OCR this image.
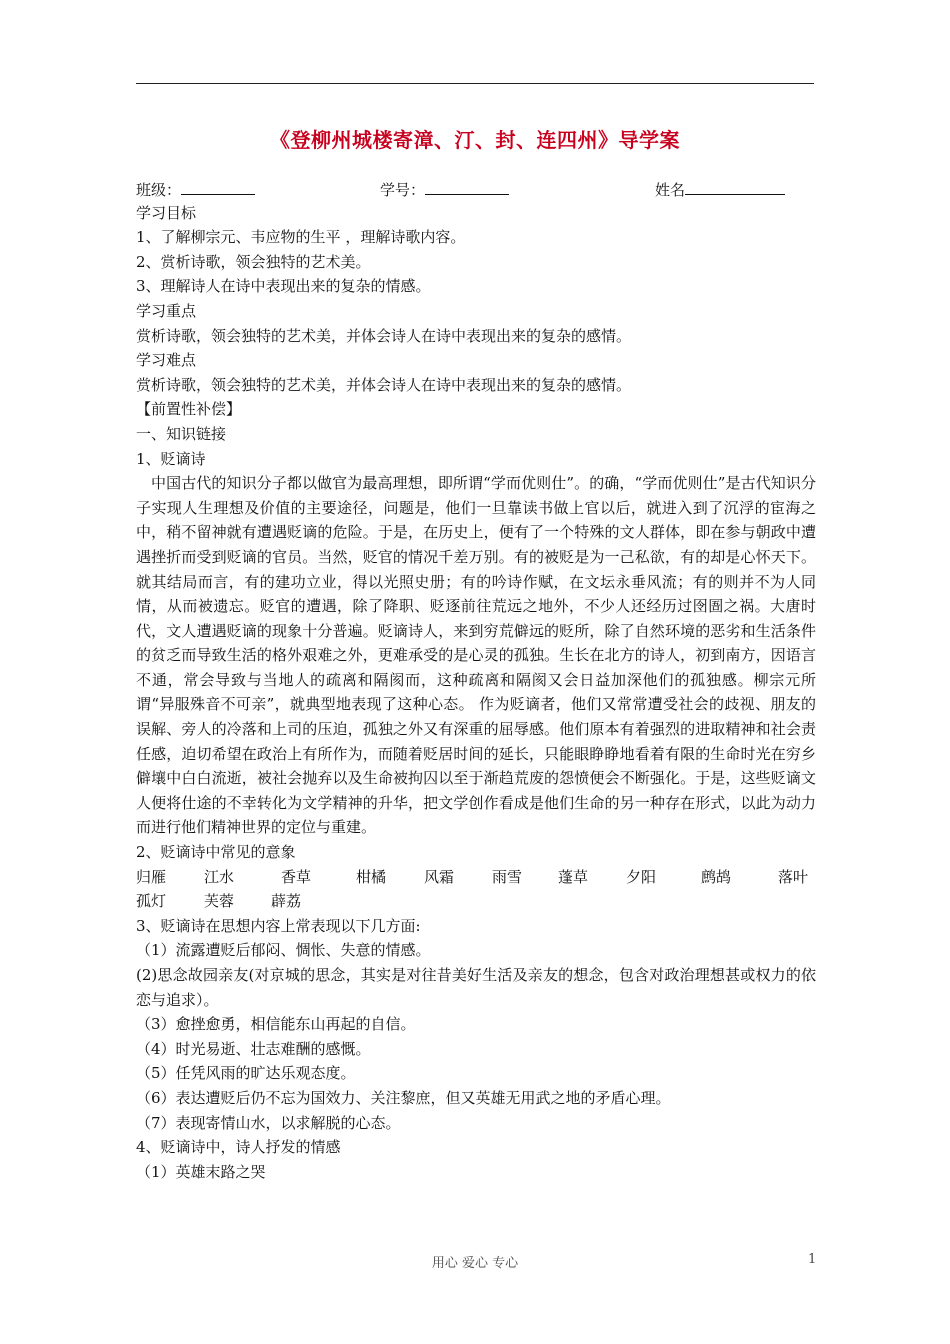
《登柳州城楼寄漳、汀、封、连四州》导学案
班级：	学号：	姓名
学习目标
1、了解柳宗元、韦应物的生平 ，理解诗歌内容。
2、赏析诗歌，领会独特的艺术美。
3、理解诗人在诗中表现出来的复杂的情感。
学习重点
赏析诗歌，领会独特的艺术美，并体会诗人在诗中表现出来的复杂的感情。
学习难点
赏析诗歌，领会独特的艺术美，并体会诗人在诗中表现出来的复杂的感情。
【前置性补偿】
一、知识链接
1、贬谪诗

中国古代的知识分子都以做官为最高理想，即所谓“学而优则仕”。的确，“学而优则仕”是古代知识分子实现人生理想及价值的主要途径，问题是，他们一旦靠读书做上官以后，就进入到了沉浮的宦海之中，稍不留神就有遭遇贬谪的危险。于是，在历史上，便有了一个特殊的文人群体，即在参与朝政中遭遇挫折而受到贬谪的官员。当然，贬官的情况千差万别。有的被贬是为一己私欲，有的却是心怀天下。就其结局而言，有的建功立业，得以光照史册；有的吟诗作赋，在文坛永垂风流；有的则并不为人同情，从而被遗忘。贬官的遭遇，除了降职、贬逐前往荒远之地外，不少人还经历过囹圄之祸。大唐时代，文人遭遇贬谪的现象十分普遍。贬谪诗人，来到穷荒僻远的贬所，除了自然环境的恶劣和生活条件的贫乏而导致生活的格外艰难之外，更难承受的是心灵的孤独。生长在北方的诗人，初到南方，因语言不通，常会导致与当地人的疏离和隔阂而，这种疏离和隔阂又会日益加深他们的孤独感。柳宗元所谓“异服殊音不可亲”，就典型地表现了这种心态。 作为贬谪者，他们又常常遭受社会的歧视、朋友的误解、旁人的冷落和上司的压迫，孤独之外又有深重的屈辱感。他们原本有着强烈的进取精神和社会责任感，迫切希望在政治上有所作为，而随着贬居时间的延长，只能眼睁睁地看着有限的生命时光在穷乡僻壤中白白流逝，被社会抛弃以及生命被拘囚以至于渐趋荒废的怨愤便会不断强化。于是，这些贬谪文人便将仕途的不幸转化为文学精神的升华，把文学创作看成是他们生命的另一种存在形式，以此为动力而进行他们精神世界的定位与重建。

2、贬谪诗中常见的意象
归雁	江水	香草	柑橘	风霜	雨雪 蓬草	夕阳	鹧鸪	落叶
孤灯	芙蓉 薜荔
3、贬谪诗在思想内容上常表现以下几方面:
（1）流露遭贬后郁闷、惆怅、失意的情感。
(2)思念故园亲友(对京城的思念，其实是对往昔美好生活及亲友的想念，包含对政治理想甚或权力的依恋与追求）。
（3）愈挫愈勇，相信能东山再起的自信。
（4）时光易逝、壮志难酬的感慨。
（5）任凭风雨的旷达乐观态度。
（6）表达遭贬后仍不忘为国效力、关注黎庶，但又英雄无用武之地的矛盾心理。
（7）表现寄情山水，以求解脱的心态。
4、贬谪诗中，诗人抒发的情感
（1）英雄末路之哭
用心 爱心 专心	1
